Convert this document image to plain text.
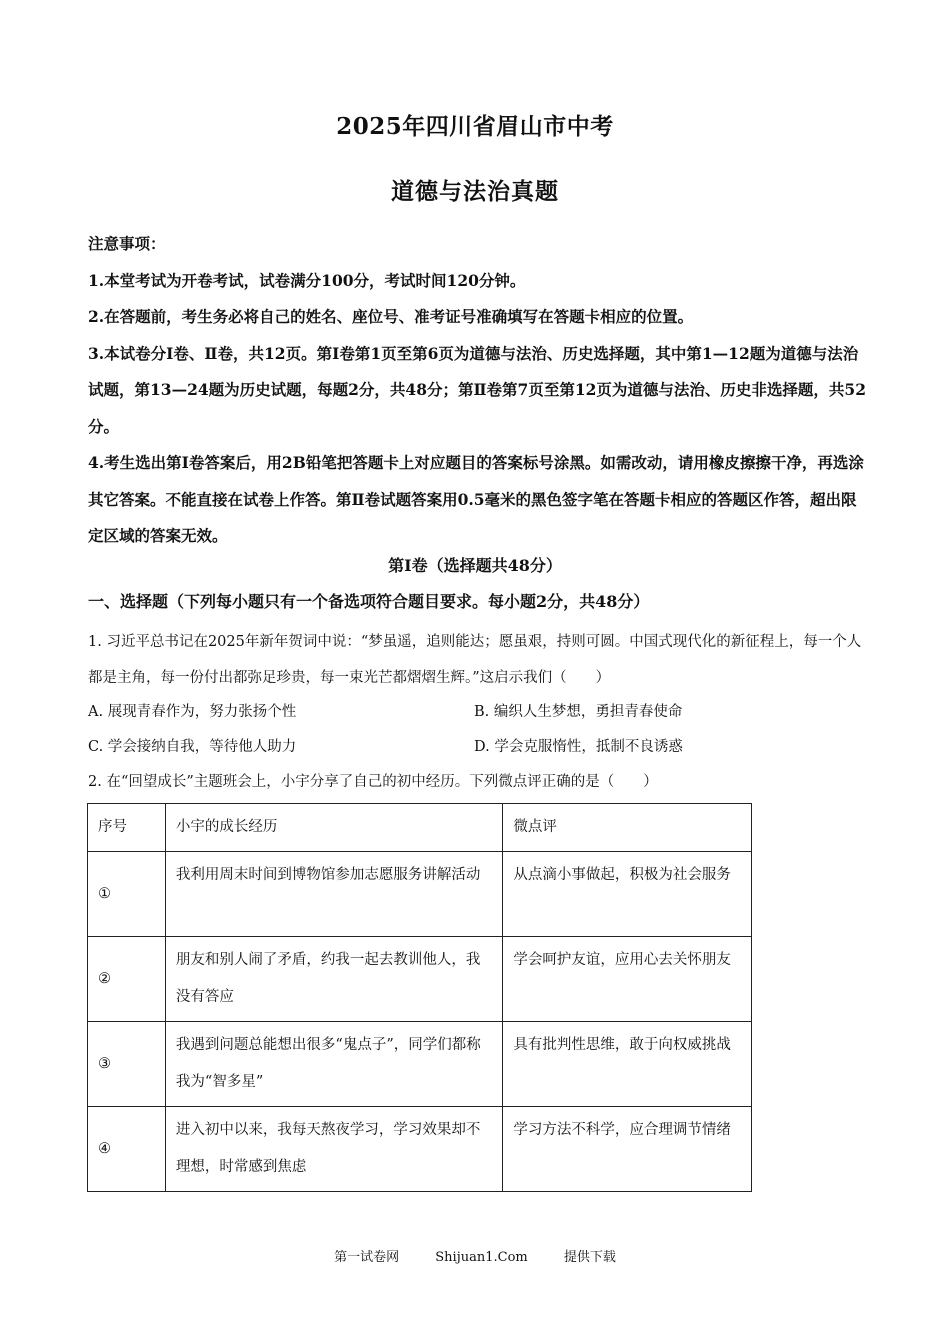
2025年四川省眉山市中考
道德与法治真题

注意事项：

1.本堂考试为开卷考试，试卷满分100分，考试时间120分钟。

2.在答题前，考生务必将自己的姓名、座位号、准考证号准确填写在答题卡相应的位置。

3.本试卷分Ⅰ卷、Ⅱ卷，共12页。第Ⅰ卷第1页至第6页为道德与法治、历史选择题，其中第1—12题为道德与法治试题，第13—24题为历史试题，每题2分，共48分；第Ⅱ卷第7页至第12页为道德与法治、历史非选择题，共52分。

4.考生选出第Ⅰ卷答案后，用2B铅笔把答题卡上对应题目的答案标号涂黑。如需改动，请用橡皮擦擦干净，再选涂其它答案。不能直接在试卷上作答。第Ⅱ卷试题答案用0.5毫米的黑色签字笔在答题卡相应的答题区作答，超出限定区域的答案无效。

第Ⅰ卷（选择题共48分）
一、选择题（下列每小题只有一个备选项符合题目要求。每小题2分，共48分）

1. 习近平总书记在2025年新年贺词中说：“梦虽遥，追则能达；愿虽艰，持则可圆。中国式现代化的新征程上，每一个人都是主角，每一份付出都弥足珍贵，每一束光芒都熠熠生辉。”这启示我们（　　）

A. 展现青春作为，努力张扬个性	B. 编织人生梦想，勇担青春使命
C. 学会接纳自我，等待他人助力	D. 学会克服惰性，抵制不良诱惑
2. 在“回望成长”主题班会上，小宇分享了自己的初中经历。下列微点评正确的是（　　）
序号	小宇的成长经历	微点评
①	我利用周末时间到博物馆参加志愿服务讲解活动	从点滴小事做起，积极为社会服务
②	朋友和别人闹了矛盾，约我一起去教训他人，我没有答应	学会呵护友谊，应用心去关怀朋友
③	我遇到问题总能想出很多“鬼点子”，同学们都称我为“智多星”	具有批判性思维，敢于向权威挑战
④	进入初中以来，我每天熬夜学习，学习效果却不理想，时常感到焦虑	学习方法不科学，应合理调节情绪
第一试卷网	Shijuan1.Com	提供下载
